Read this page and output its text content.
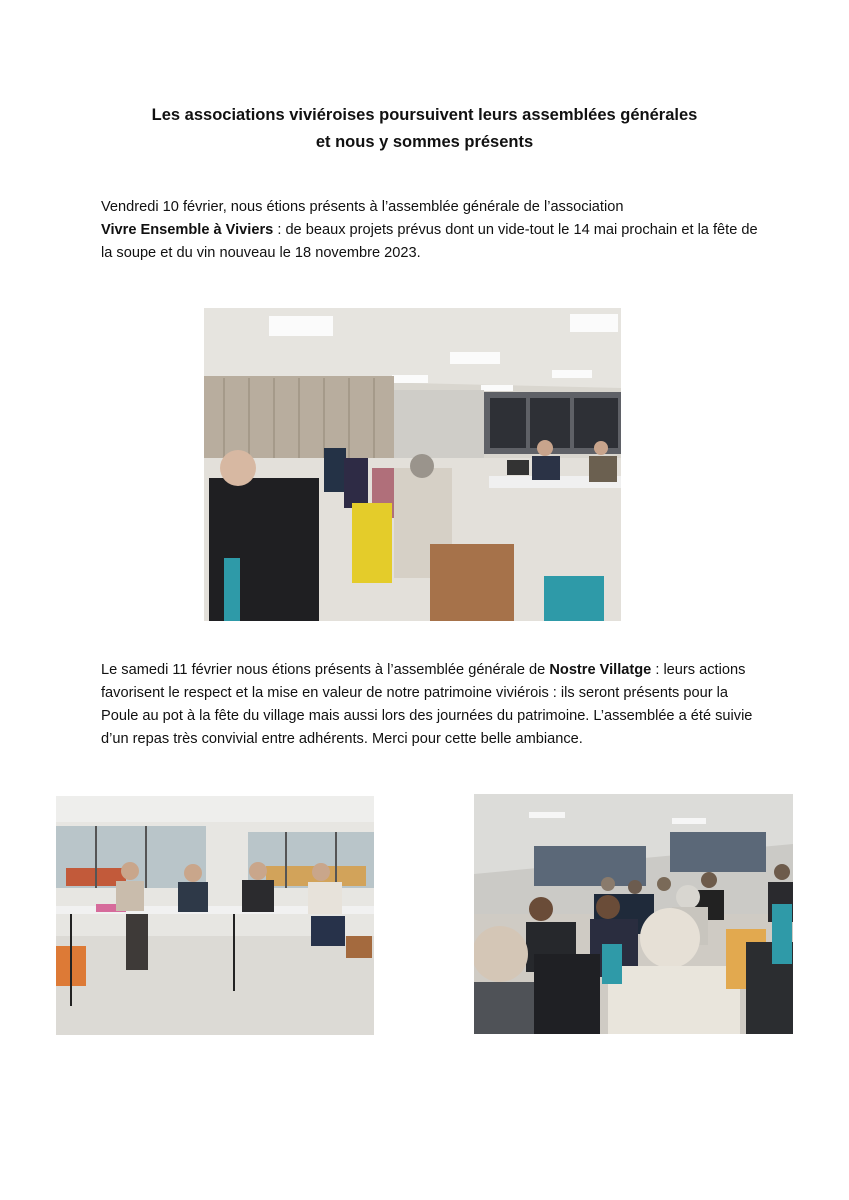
Les associations viviéroises poursuivent leurs assemblées générales
et nous y sommes présents
Vendredi 10 février, nous étions présents à l’assemblée générale de l’association
Vivre Ensemble à Viviers : de beaux projets prévus dont un vide-tout le 14 mai prochain et la fête de la soupe et du vin nouveau le 18 novembre 2023.
Le samedi 11 février nous étions présents à l’assemblée générale de Nostre Villatge : leurs actions favorisent le respect et la mise en valeur de notre patrimoine viviérois : ils seront présents pour la Poule au pot à la fête du village mais aussi lors des journées du patrimoine. L’assemblée a été suivie d’un repas très convivial entre adhérents. Merci pour cette belle ambiance.
